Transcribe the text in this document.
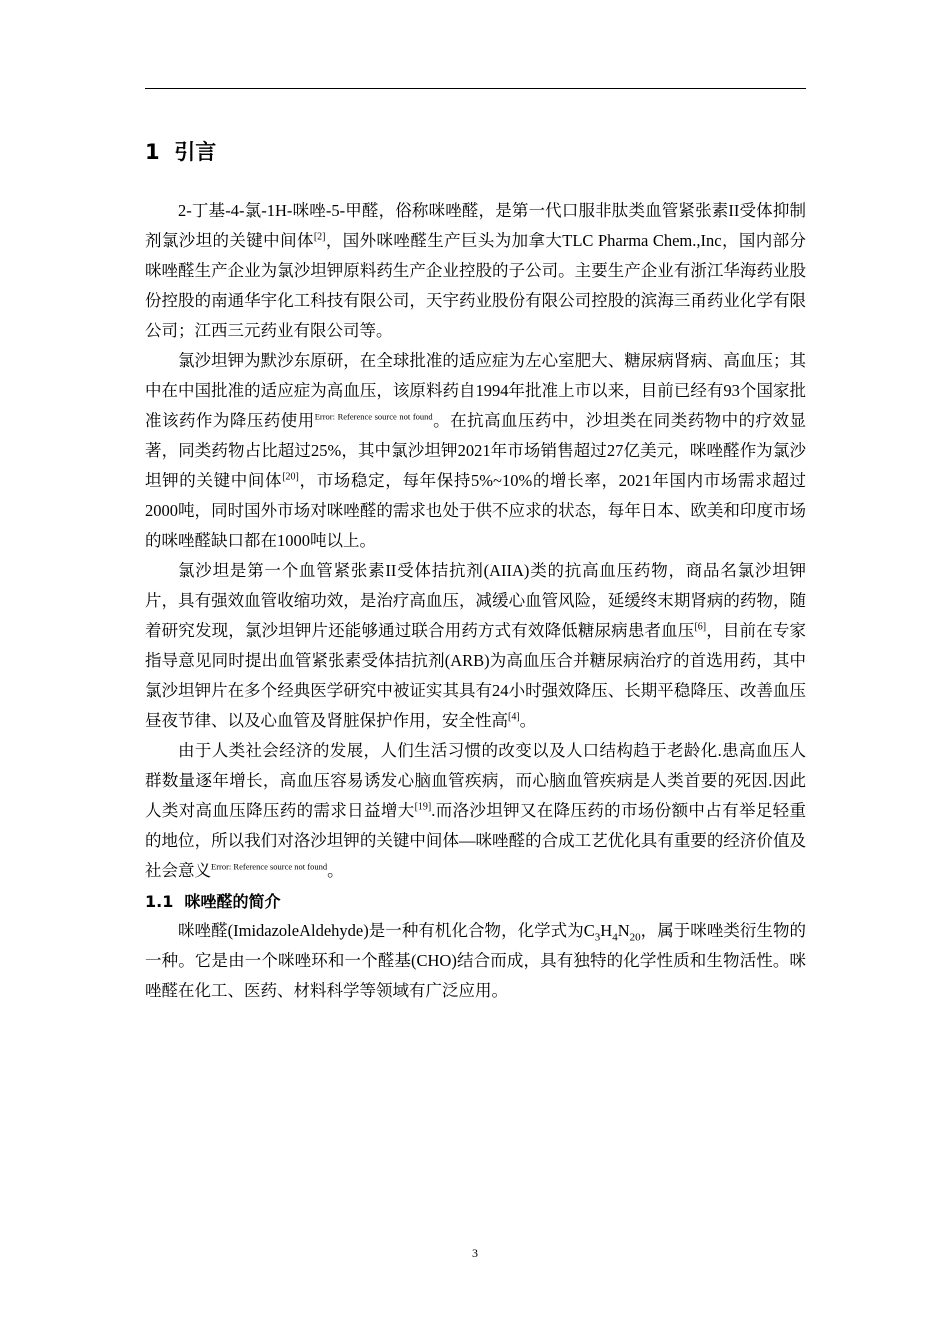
1 引言

2-丁基-4-氯-1H-咪唑-5-甲醛，俗称咪唑醛，是第一代口服非肽类血管紧张素II受体抑制剂氯沙坦的关键中间体[2]，国外咪唑醛生产巨头为加拿大TLC Pharma Chem.,Inc，国内部分咪唑醛生产企业为氯沙坦钾原料药生产企业控股的子公司。主要生产企业有浙江华海药业股份控股的南通华宇化工科技有限公司，天宇药业股份有限公司控股的滨海三甬药业化学有限公司；江西三元药业有限公司等。

氯沙坦钾为默沙东原研，在全球批准的适应症为左心室肥大、糖尿病肾病、高血压；其中在中国批准的适应症为高血压，该原料药自1994年批准上市以来，目前已经有93个国家批准该药作为降压药使用$^{Error: Reference source not found}$。在抗高血压药中，沙坦类在同类药物中的疗效显著，同类药物占比超过25%，其中氯沙坦钾2021年市场销售超过27亿美元，咪唑醛作为氯沙坦钾的关键中间体[20]，市场稳定，每年保持5%~10%的增长率，2021年国内市场需求超过2000吨，同时国外市场对咪唑醛的需求也处于供不应求的状态，每年日本、欧美和印度市场的咪唑醛缺口都在1000吨以上。

氯沙坦是第一个血管紧张素II受体拮抗剂(AIIA)类的抗高血压药物，商品名氯沙坦钾片，具有强效血管收缩功效，是治疗高血压，减缓心血管风险，延缓终末期肾病的药物，随着研究发现，氯沙坦钾片还能够通过联合用药方式有效降低糖尿病患者血压[6]，目前在专家指导意见同时提出血管紧张素受体拮抗剂(ARB)为高血压合并糖尿病治疗的首选用药，其中氯沙坦钾片在多个经典医学研究中被证实其具有24小时强效降压、长期平稳降压、改善血压昼夜节律、以及心血管及肾脏保护作用，安全性高[4]。

由于人类社会经济的发展，人们生活习惯的改变以及人口结构趋于老龄化.患高血压人群数量逐年增长，高血压容易诱发心脑血管疾病，而心脑血管疾病是人类首要的死因.因此人类对高血压降压药的需求日益增大[19].而洛沙坦钾又在降压药的市场份额中占有举足轻重的地位，所以我们对洛沙坦钾的关键中间体—咪唑醛的合成工艺优化具有重要的经济价值及社会意义$^{Error: Reference source not found}$。

1.1 咪唑醛的简介

咪唑醛(ImidazoleAldehyde)是一种有机化合物，化学式为$C_3H_4N_{20}$，属于咪唑类衍生物的一种。它是由一个咪唑环和一个醛基(CHO)结合而成，具有独特的化学性质和生物活性。咪唑醛在化工、医药、材料科学等领域有广泛应用。

3
